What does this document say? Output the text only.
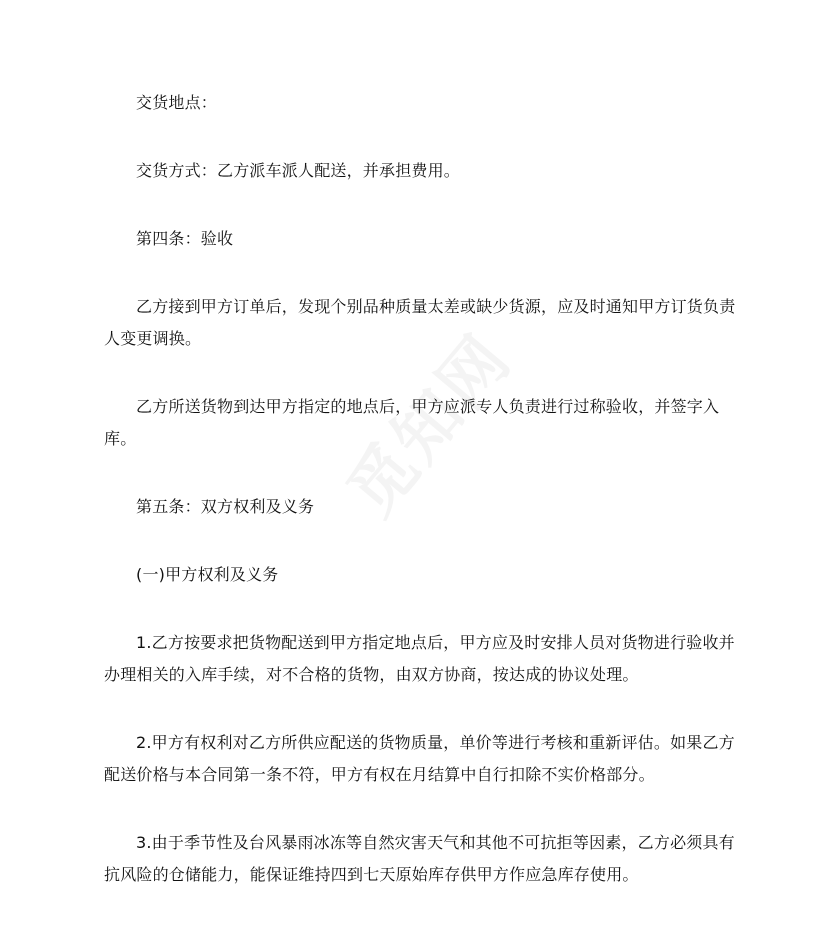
交货地点：

交货方式：乙方派车派人配送，并承担费用。

第四条：验收

乙方接到甲方订单后，发现个别品种质量太差或缺少货源，应及时通知甲方订货负责人变更调换。

乙方所送货物到达甲方指定的地点后，甲方应派专人负责进行过称验收，并签字入库。

第五条：双方权利及义务

(一)甲方权利及义务

1.乙方按要求把货物配送到甲方指定地点后，甲方应及时安排人员对货物进行验收并办理相关的入库手续，对不合格的货物，由双方协商，按达成的协议处理。

2.甲方有权利对乙方所供应配送的货物质量，单价等进行考核和重新评估。如果乙方配送价格与本合同第一条不符，甲方有权在月结算中自行扣除不实价格部分。

3.由于季节性及台风暴雨冰冻等自然灾害天气和其他不可抗拒等因素，乙方必须具有抗风险的仓储能力，能保证维持四到七天原始库存供甲方作应急库存使用。
